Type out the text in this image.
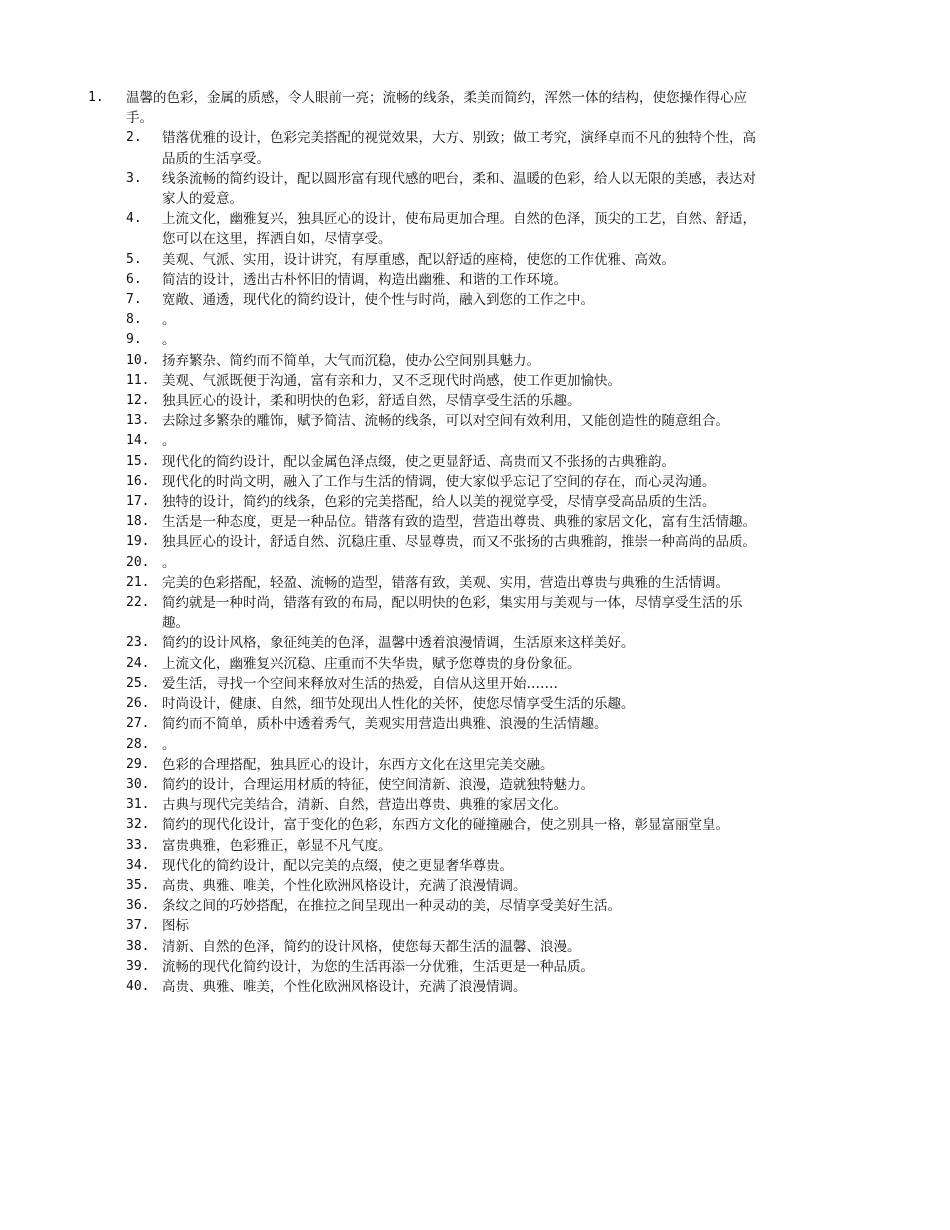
1. 温馨的色彩，金属的质感，令人眼前一亮；流畅的线条，柔美而简约，浑然一体的结构，使您操作得心应手。
2. 错落优雅的设计，色彩完美搭配的视觉效果，大方、别致；做工考究，演绎卓而不凡的独特个性，高品质的生活享受。
3. 线条流畅的简约设计，配以圆形富有现代感的吧台，柔和、温暖的色彩，给人以无限的美感，表达对家人的爱意。
4. 上流文化，幽雅复兴，独具匠心的设计，使布局更加合理。自然的色泽，顶尖的工艺，自然、舒适，您可以在这里，挥洒自如，尽情享受。
5. 美观、气派、实用，设计讲究，有厚重感，配以舒适的座椅，使您的工作优雅、高效。
6. 简洁的设计，透出古朴怀旧的情调，构造出幽雅、和谐的工作环境。
7. 宽敞、通透，现代化的简约设计，使个性与时尚，融入到您的工作之中。
8. 。
9. 。
10. 扬弃繁杂、简约而不简单，大气而沉稳，使办公空间别具魅力。
11. 美观、气派既便于沟通，富有亲和力，又不乏现代时尚感，使工作更加愉快。
12. 独具匠心的设计，柔和明快的色彩，舒适自然，尽情享受生活的乐趣。
13. 去除过多繁杂的雕饰，赋予简洁、流畅的线条，可以对空间有效利用，又能创造性的随意组合。
14. 。
15. 现代化的简约设计，配以金属色泽点缀，使之更显舒适、高贵而又不张扬的古典雅韵。
16. 现代化的时尚文明，融入了工作与生活的情调，使大家似乎忘记了空间的存在，而心灵沟通。
17. 独特的设计，简约的线条，色彩的完美搭配，给人以美的视觉享受，尽情享受高品质的生活。
18. 生活是一种态度，更是一种品位。错落有致的造型，营造出尊贵、典雅的家居文化，富有生活情趣。
19. 独具匠心的设计，舒适自然、沉稳庄重、尽显尊贵，而又不张扬的古典雅韵，推崇一种高尚的品质。
20. 。
21. 完美的色彩搭配，轻盈、流畅的造型，错落有致，美观、实用，营造出尊贵与典雅的生活情调。
22. 简约就是一种时尚，错落有致的布局，配以明快的色彩，集实用与美观与一体，尽情享受生活的乐趣。
23. 简约的设计风格，象征纯美的色泽，温馨中透着浪漫情调，生活原来这样美好。
24. 上流文化，幽雅复兴沉稳、庄重而不失华贵，赋予您尊贵的身份象征。
25. 爱生活，寻找一个空间来释放对生活的热爱，自信从这里开始…….
26. 时尚设计，健康、自然，细节处现出人性化的关怀，使您尽情享受生活的乐趣。
27. 简约而不简单，质朴中透着秀气，美观实用营造出典雅、浪漫的生活情趣。
28. 。
29. 色彩的合理搭配，独具匠心的设计，东西方文化在这里完美交融。
30. 简约的设计，合理运用材质的特征，使空间清新、浪漫，造就独特魅力。
31. 古典与现代完美结合，清新、自然，营造出尊贵、典雅的家居文化。
32. 简约的现代化设计，富于变化的色彩，东西方文化的碰撞融合，使之别具一格，彰显富丽堂皇。
33. 富贵典雅，色彩雅正，彰显不凡气度。
34. 现代化的简约设计，配以完美的点缀，使之更显奢华尊贵。
35. 高贵、典雅、唯美，个性化欧洲风格设计，充满了浪漫情调。
36. 条纹之间的巧妙搭配，在推拉之间呈现出一种灵动的美，尽情享受美好生活。
37. 图标
38. 清新、自然的色泽，简约的设计风格，使您每天都生活的温馨、浪漫。
39. 流畅的现代化简约设计，为您的生活再添一分优雅，生活更是一种品质。
40. 高贵、典雅、唯美，个性化欧洲风格设计，充满了浪漫情调。
